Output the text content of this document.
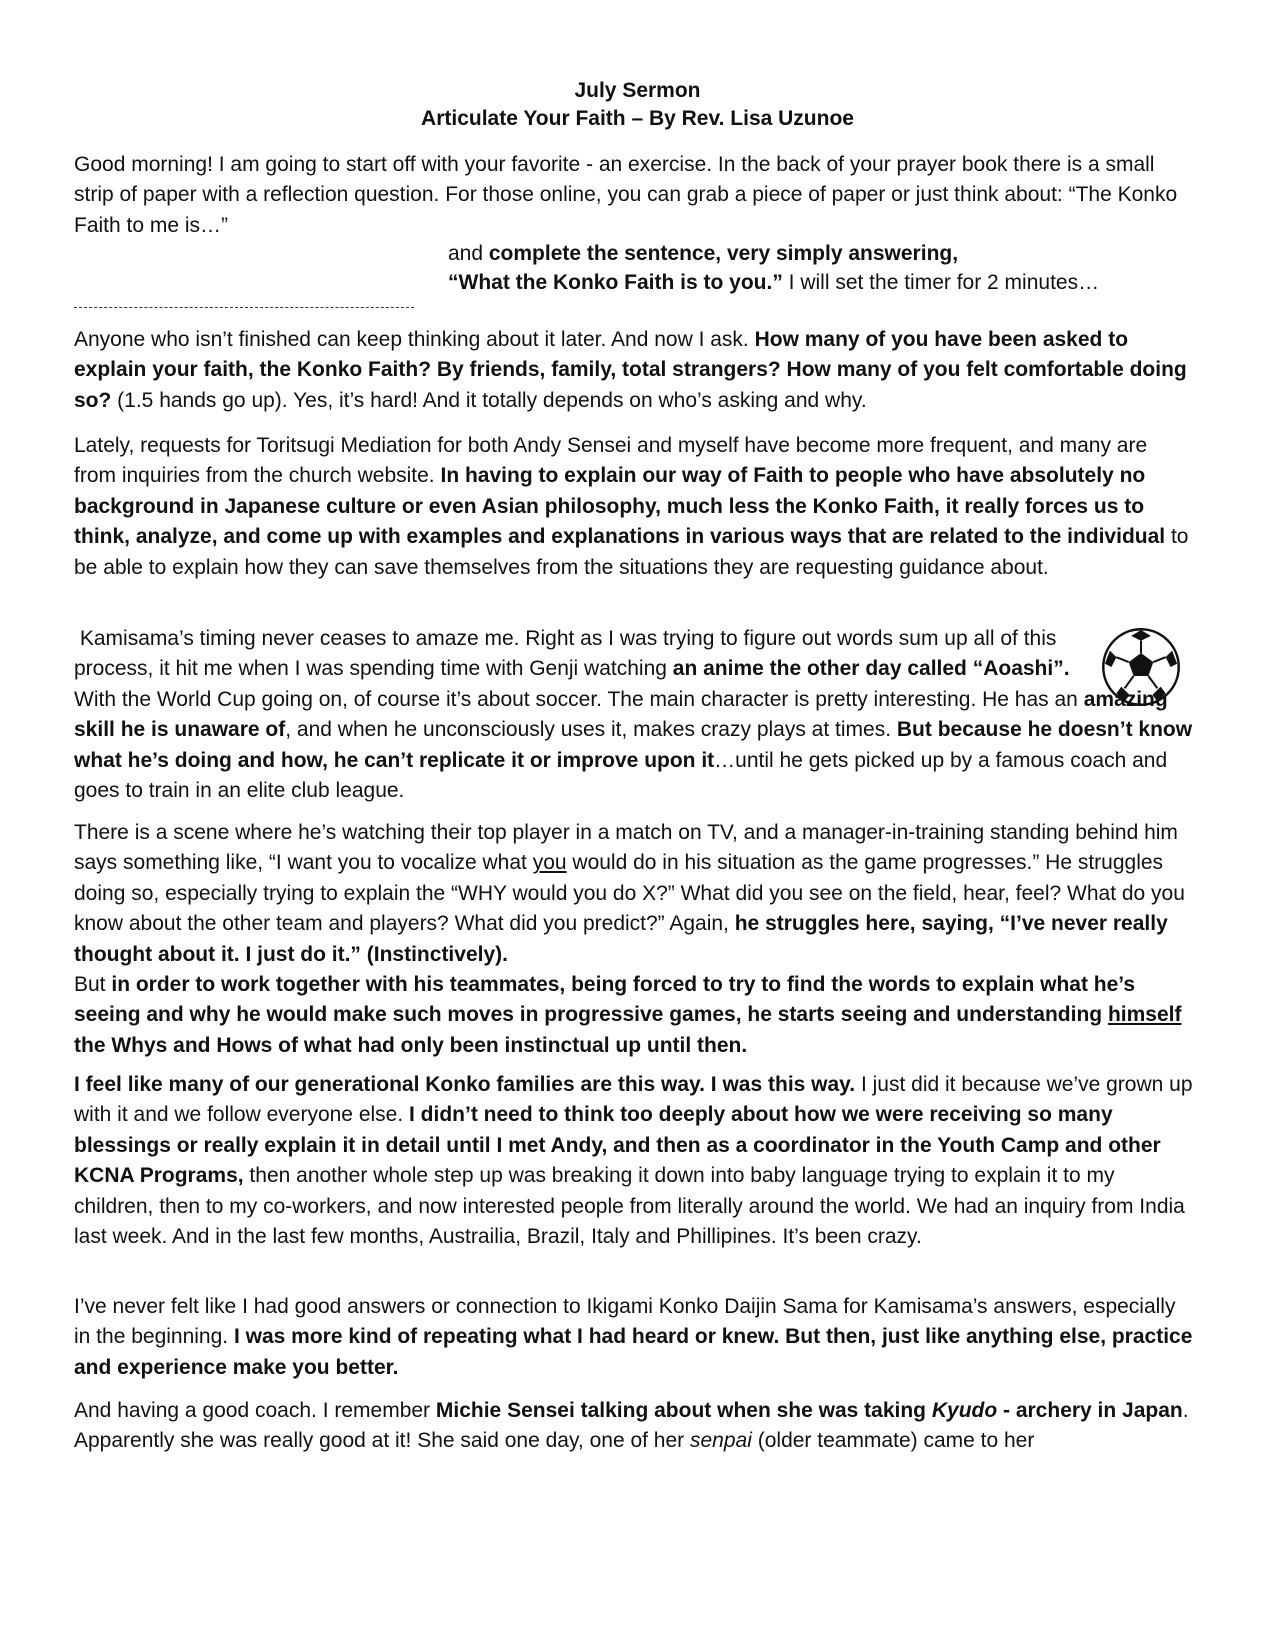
July Sermon
Articulate Your Faith – By Rev. Lisa Uzunoe

Good morning! I am going to start off with your favorite - an exercise. In the back of your prayer book there is a small strip of paper with a reflection question. For those online, you can grab a piece of paper or just think about: “The Konko Faith to me is…”

and complete the sentence, very simply answering,
“What the Konko Faith is to you.” I will set the timer for 2 minutes…

Anyone who isn’t finished can keep thinking about it later. And now I ask. How many of you have been asked to explain your faith, the Konko Faith? By friends, family, total strangers? How many of you felt comfortable doing so? (1.5 hands go up). Yes, it’s hard! And it totally depends on who’s asking and why.

Lately, requests for Toritsugi Mediation for both Andy Sensei and myself have become more frequent, and many are from inquiries from the church website. In having to explain our way of Faith to people who have absolutely no background in Japanese culture or even Asian philosophy, much less the Konko Faith, it really forces us to think, analyze, and come up with examples and explanations in various ways that are related to the individual to be able to explain how they can save themselves from the situations they are requesting guidance about.

Kamisama’s timing never ceases to amaze me. Right as I was trying to figure out words sum up all of this process, it hit me when I was spending time with Genji watching an anime the other day called “Aoashi”. With the World Cup going on, of course it’s about soccer. The main character is pretty interesting. He has an amazing skill he is unaware of, and when he unconsciously uses it, makes crazy plays at times. But because he doesn’t know what he’s doing and how, he can’t replicate it or improve upon it…until he gets picked up by a famous coach and goes to train in an elite club league.

There is a scene where he’s watching their top player in a match on TV, and a manager-in-training standing behind him says something like, “I want you to vocalize what you would do in his situation as the game progresses.” He struggles doing so, especially trying to explain the “WHY would you do X?” What did you see on the field, hear, feel? What do you know about the other team and players? What did you predict?” Again, he struggles here, saying, “I’ve never really thought about it. I just do it.” (Instinctively).
But in order to work together with his teammates, being forced to try to find the words to explain what he’s seeing and why he would make such moves in progressive games, he starts seeing and understanding himself the Whys and Hows of what had only been instinctual up until then.

I feel like many of our generational Konko families are this way. I was this way. I just did it because we’ve grown up with it and we follow everyone else. I didn’t need to think too deeply about how we were receiving so many blessings or really explain it in detail until I met Andy, and then as a coordinator in the Youth Camp and other KCNA Programs, then another whole step up was breaking it down into baby language trying to explain it to my children, then to my co-workers, and now interested people from literally around the world. We had an inquiry from India last week. And in the last few months, Austrailia, Brazil, Italy and Phillipines. It’s been crazy.

I’ve never felt like I had good answers or connection to Ikigami Konko Daijin Sama for Kamisama’s answers, especially in the beginning. I was more kind of repeating what I had heard or knew. But then, just like anything else, practice and experience make you better.

And having a good coach. I remember Michie Sensei talking about when she was taking Kyudo - archery in Japan. Apparently she was really good at it! She said one day, one of her senpai (older teammate) came to her
